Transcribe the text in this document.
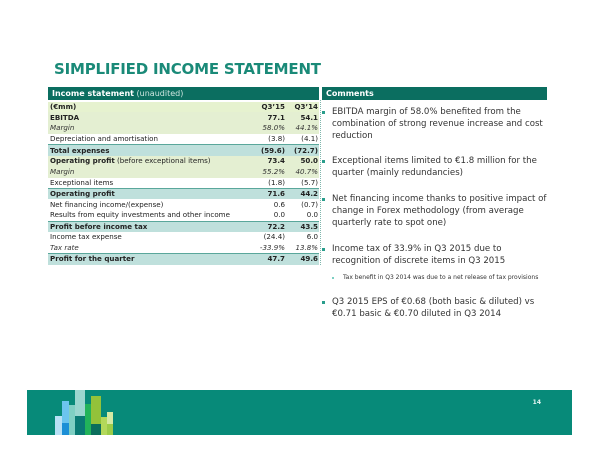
SIMPLIFIED INCOME STATEMENT
Income statement (unaudited)
(€mm)	Q3’15	Q3’14
EBITDA	77.1	54.1
Margin	58.0%	44.1%
Depreciation and amortisation	(3.8)	(4.1)
Total expenses	(59.6)	(72.7)
Operating profit (before exceptional items)	73.4	50.0
Margin	55.2%	40.7%
Exceptional items	(1.8)	(5.7)
Operating profit	71.6	44.2
Net financing income/(expense)	0.6	(0.7)
Results from equity investments and other income	0.0	0.0
Profit before income tax	72.2	43.5
Income tax expense	(24.4)	6.0
Tax rate	-33.9%	13.8%
Profit for the quarter	47.7	49.6
Comments
EBITDA margin of 58.0% benefited from the combination of strong revenue increase and cost reduction
Exceptional items limited to €1.8 million for the quarter (mainly redundancies)
Net financing income thanks to positive impact of change in Forex methodology (from average quarterly rate to spot one)
Income tax of 33.9% in Q3 2015 due to recognition of discrete items in Q3 2015
Tax benefit in Q3 2014 was due to a net release of tax provisions
Q3 2015 EPS of €0.68 (both basic & diluted) vs €0.71 basic & €0.70 diluted in Q3 2014
14
